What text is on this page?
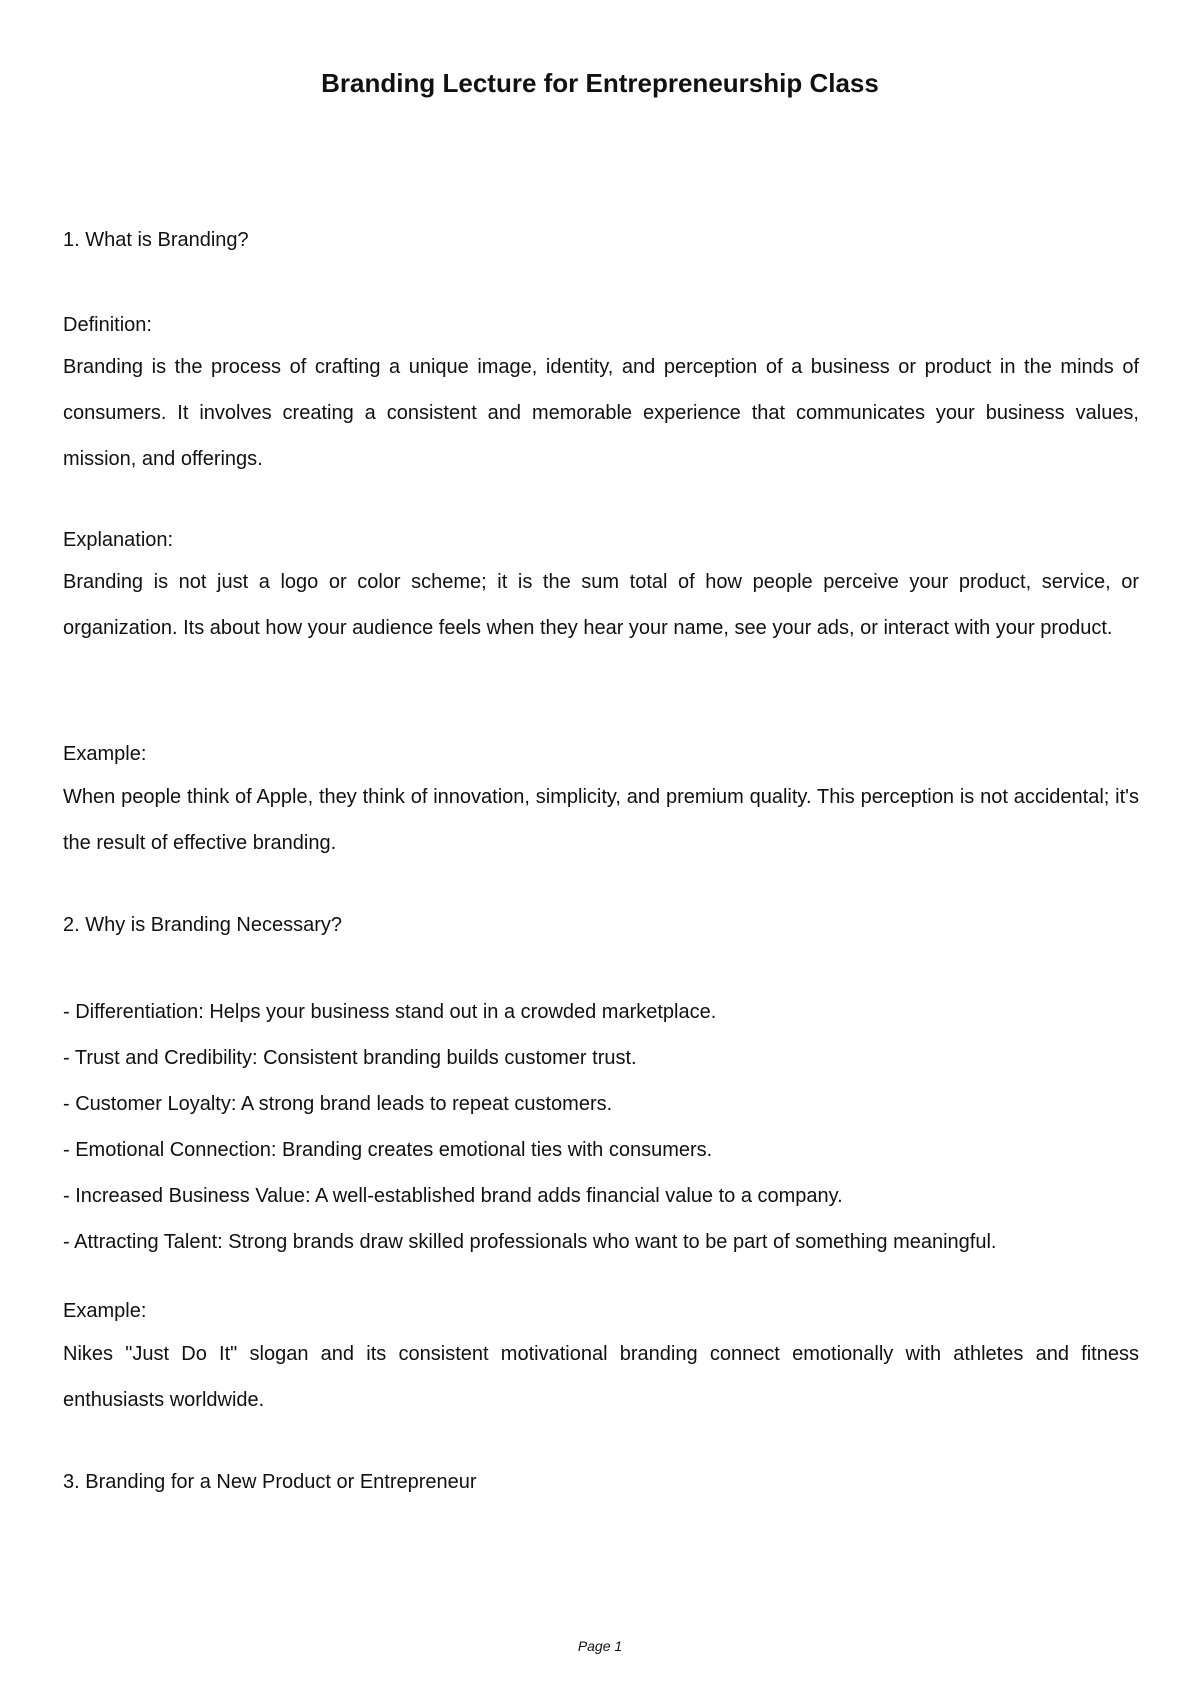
Branding Lecture for Entrepreneurship Class

1. What is Branding?

Definition:

Branding is the process of crafting a unique image, identity, and perception of a business or product in the minds of consumers. It involves creating a consistent and memorable experience that communicates your business values, mission, and offerings.

Explanation:

Branding is not just a logo or color scheme; it is the sum total of how people perceive your product, service, or organization. Its about how your audience feels when they hear your name, see your ads, or interact with your product.

Example:

When people think of Apple, they think of innovation, simplicity, and premium quality. This perception is not accidental; it's the result of effective branding.

2. Why is Branding Necessary?

- Differentiation: Helps your business stand out in a crowded marketplace.
- Trust and Credibility: Consistent branding builds customer trust.
- Customer Loyalty: A strong brand leads to repeat customers.
- Emotional Connection: Branding creates emotional ties with consumers.
- Increased Business Value: A well-established brand adds financial value to a company.
- Attracting Talent: Strong brands draw skilled professionals who want to be part of something meaningful.

Example:

Nikes "Just Do It" slogan and its consistent motivational branding connect emotionally with athletes and fitness enthusiasts worldwide.

3. Branding for a New Product or Entrepreneur

Page 1
